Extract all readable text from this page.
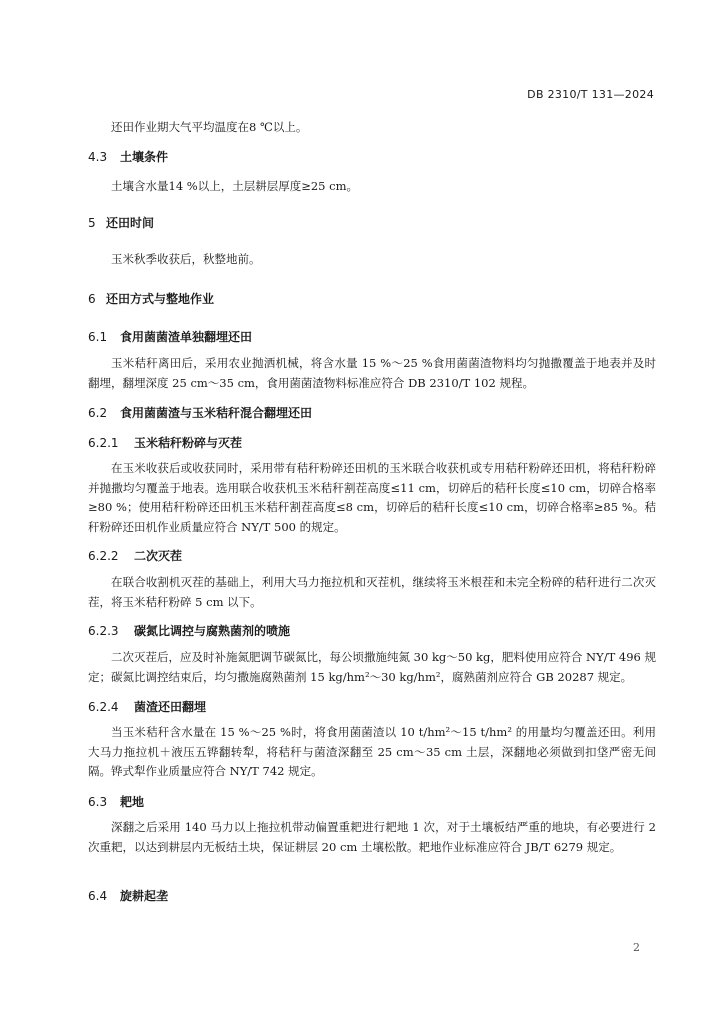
DB 2310/T 131—2024
还田作业期大气平均温度在8 ℃以上。
4.3 土壤条件
土壤含水量14 %以上，土层耕层厚度≥25 cm。
5 还田时间
玉米秋季收获后，秋整地前。
6 还田方式与整地作业
6.1 食用菌菌渣单独翻埋还田
玉米秸秆离田后，采用农业抛洒机械，将含水量 15 %～25 %食用菌菌渣物料均匀抛撒覆盖于地表并及时翻埋，翻埋深度 25 cm～35 cm，食用菌菌渣物料标准应符合 DB 2310/T 102 规程。
6.2 食用菌菌渣与玉米秸秆混合翻埋还田
6.2.1 玉米秸秆粉碎与灭茬
在玉米收获后或收获同时，采用带有秸秆粉碎还田机的玉米联合收获机或专用秸秆粉碎还田机，将秸秆粉碎并抛撒均匀覆盖于地表。选用联合收获机玉米秸秆割茬高度≤11 cm，切碎后的秸秆长度≤10 cm，切碎合格率≥80 %；使用秸秆粉碎还田机玉米秸秆割茬高度≤8 cm，切碎后的秸秆长度≤10 cm，切碎合格率≥85 %。秸秆粉碎还田机作业质量应符合 NY/T 500 的规定。
6.2.2 二次灭茬
在联合收割机灭茬的基础上，利用大马力拖拉机和灭茬机，继续将玉米根茬和未完全粉碎的秸秆进行二次灭茬，将玉米秸秆粉碎 5 cm 以下。
6.2.3 碳氮比调控与腐熟菌剂的喷施
二次灭茬后，应及时补施氮肥调节碳氮比，每公顷撒施纯氮 30 kg～50 kg，肥料使用应符合 NY/T 496 规定；碳氮比调控结束后，均匀撒施腐熟菌剂 15 kg/hm²～30 kg/hm²，腐熟菌剂应符合 GB 20287 规定。
6.2.4 菌渣还田翻埋
当玉米秸秆含水量在 15 %～25 %时，将食用菌菌渣以 10 t/hm²～15 t/hm² 的用量均匀覆盖还田。利用大马力拖拉机＋液压五铧翻转犁，将秸秆与菌渣深翻至 25 cm～35 cm 土层，深翻地必须做到扣垡严密无间隔。铧式犁作业质量应符合 NY/T 742 规定。
6.3 耙地
深翻之后采用 140 马力以上拖拉机带动偏置重耙进行耙地 1 次，对于土壤板结严重的地块，有必要进行 2 次重耙，以达到耕层内无板结土块，保证耕层 20 cm 土壤松散。耙地作业标准应符合 JB/T 6279 规定。
6.4 旋耕起垄
2
